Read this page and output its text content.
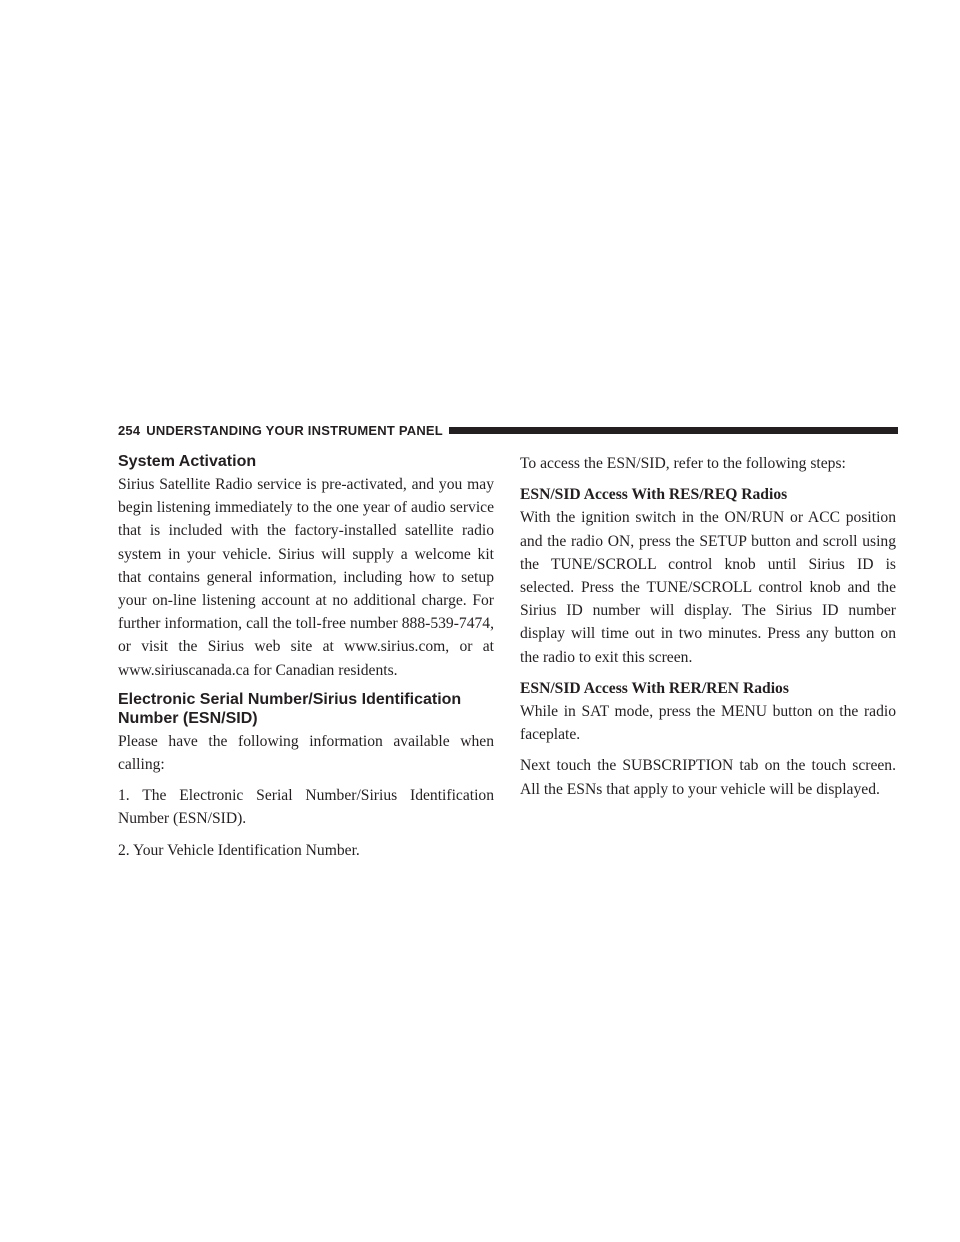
254 UNDERSTANDING YOUR INSTRUMENT PANEL
System Activation

Sirius Satellite Radio service is pre-activated, and you may begin listening immediately to the one year of audio service that is included with the factory-installed satellite radio system in your vehicle. Sirius will supply a welcome kit that contains general information, including how to setup your on-line listening account at no additional charge. For further information, call the toll-free number 888-539-7474, or visit the Sirius web site at www.sirius.com, or at www.siriuscanada.ca for Canadian residents.

Electronic Serial Number/Sirius Identification Number (ESN/SID)

Please have the following information available when calling:

1. The Electronic Serial Number/Sirius Identification Number (ESN/SID).

2. Your Vehicle Identification Number.

To access the ESN/SID, refer to the following steps:

ESN/SID Access With RES/REQ Radios

With the ignition switch in the ON/RUN or ACC position and the radio ON, press the SETUP button and scroll using the TUNE/SCROLL control knob until Sirius ID is selected. Press the TUNE/SCROLL control knob and the Sirius ID number will display. The Sirius ID number display will time out in two minutes. Press any button on the radio to exit this screen.

ESN/SID Access With RER/REN Radios

While in SAT mode, press the MENU button on the radio faceplate.

Next touch the SUBSCRIPTION tab on the touch screen. All the ESNs that apply to your vehicle will be displayed.
